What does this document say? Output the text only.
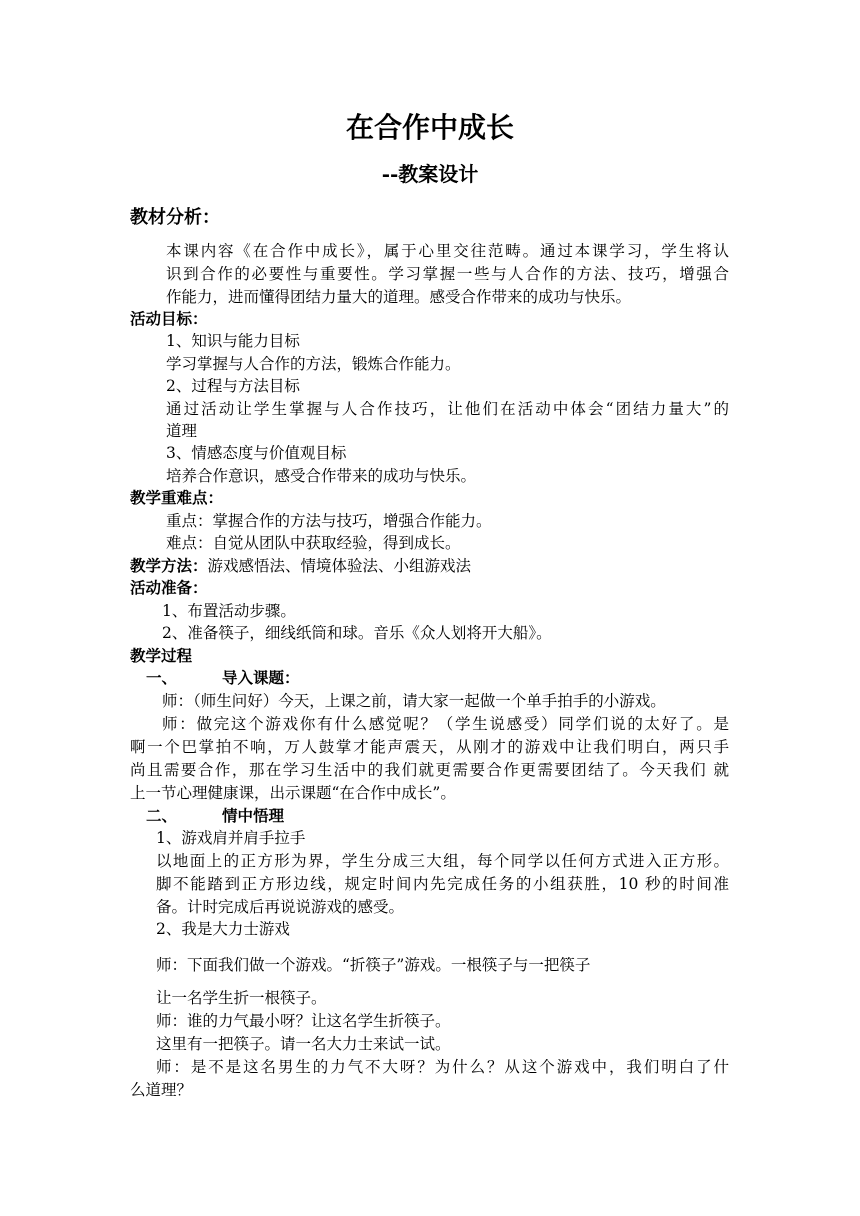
在合作中成长
--教案设计
教材分析：
本课内容《在合作中成长》，属于心里交往范畴。通过本课学习，学生将认
识到合作的必要性与重要性。学习掌握一些与人合作的方法、技巧，增强合
作能力，进而懂得团结力量大的道理。感受合作带来的成功与快乐。
活动目标：
1、知识与能力目标
学习掌握与人合作的方法，锻炼合作能力。
2、过程与方法目标
通过活动让学生掌握与人合作技巧，让他们在活动中体会“团结力量大”的
道理
3、情感态度与价值观目标
培养合作意识，感受合作带来的成功与快乐。
教学重难点：
重点：掌握合作的方法与技巧，增强合作能力。
难点：自觉从团队中获取经验，得到成长。
教学方法：游戏感悟法、情境体验法、小组游戏法
活动准备：
1、布置活动步骤。
2、准备筷子，细线纸筒和球。音乐《众人划将开大船》。
教学过程
一、	导入课题：
师：（师生问好）今天，上课之前，请大家一起做一个单手拍手的小游戏。
师：做完这个游戏你有什么感觉呢？（学生说感受）同学们说的太好了。是
啊一个巴掌拍不响，万人鼓掌才能声震天，从刚才的游戏中让我们明白，两只手
尚且需要合作，那在学习生活中的我们就更需要合作更需要团结了。今天我们 就
上一节心理健康课，出示课题“在合作中成长”。
二、	情中悟理
1、游戏肩并肩手拉手
以地面上的正方形为界，学生分成三大组，每个同学以任何方式进入正方形。
脚不能踏到正方形边线，规定时间内先完成任务的小组获胜，10 秒的时间准
备。计时完成后再说说游戏的感受。
2、我是大力士游戏
师：下面我们做一个游戏。“折筷子”游戏。一根筷子与一把筷子
让一名学生折一根筷子。
师：谁的力气最小呀？让这名学生折筷子。
这里有一把筷子。请一名大力士来试一试。
师：是不是这名男生的力气不大呀？为什么？从这个游戏中，我们明白了什
么道理？
